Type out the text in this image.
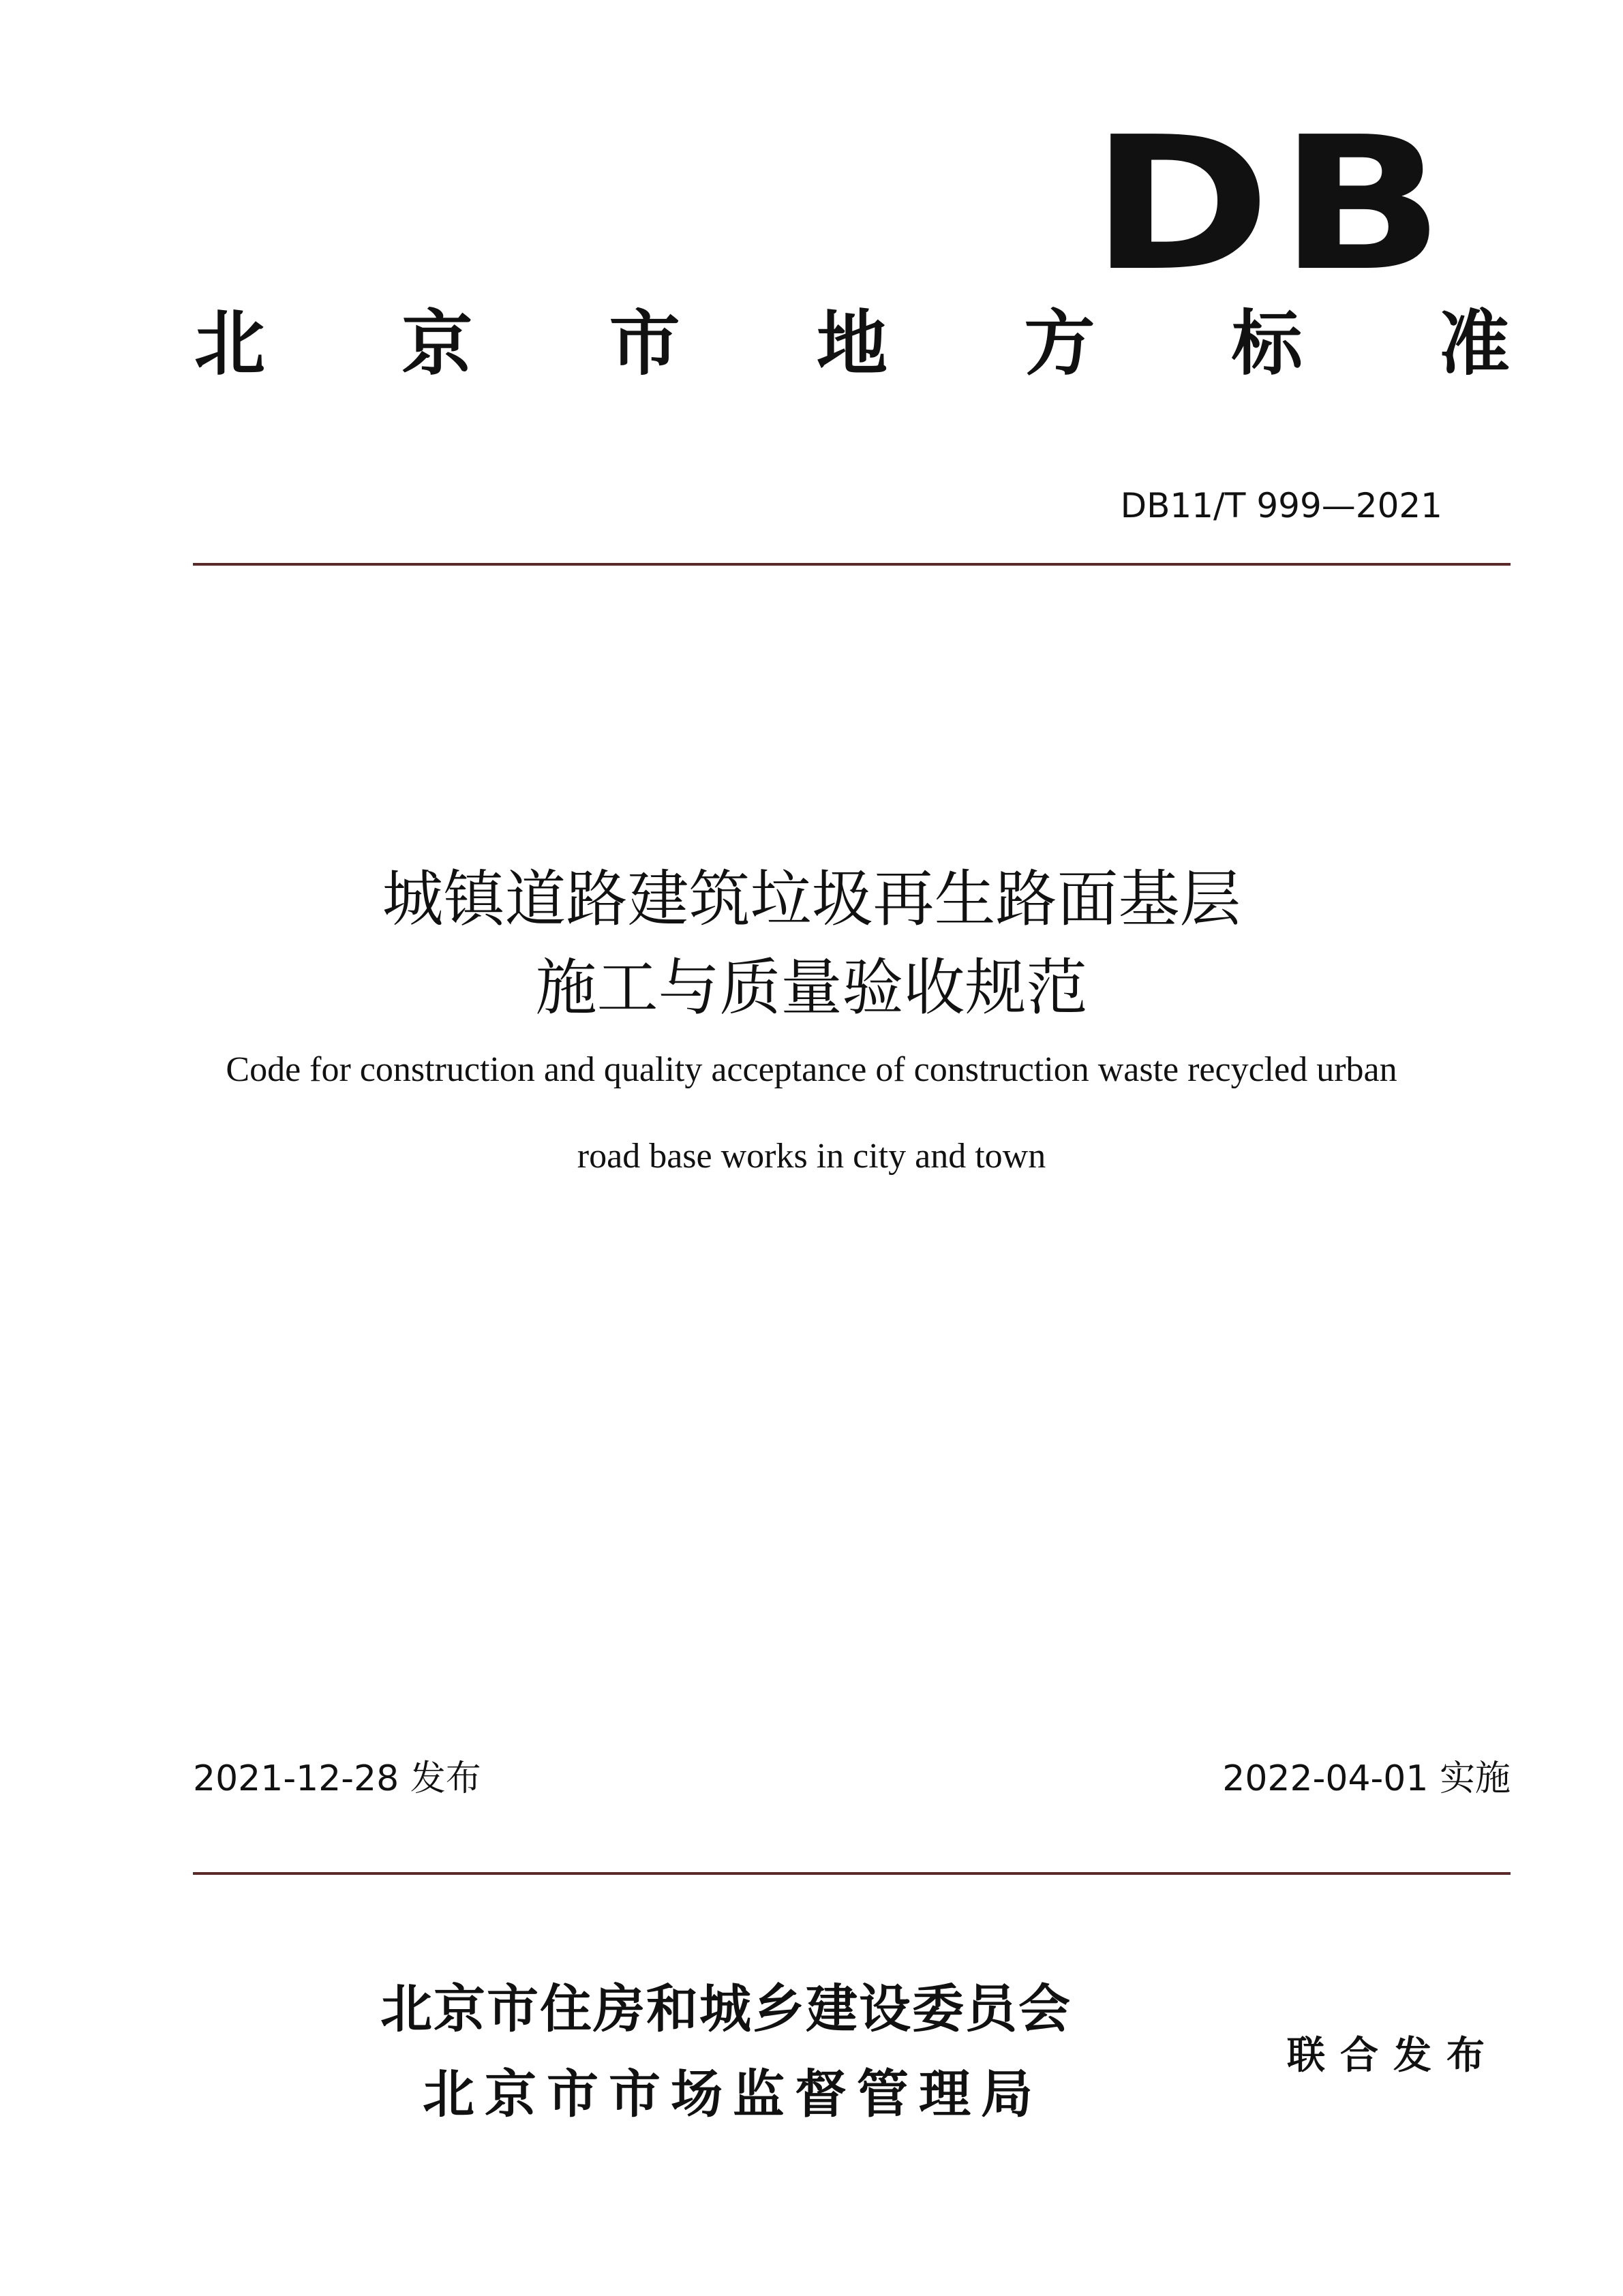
DB
北 京 市 地 方 标 准
DB11/T 999—2021
城镇道路建筑垃圾再生路面基层
施工与质量验收规范
Code for construction and quality acceptance of construction waste recycled urban
road base works in city and town
2021-12-28 发布	2022-04-01 实施
北京市住房和城乡建设委员会
北京市市场监督管理局
联合发布
